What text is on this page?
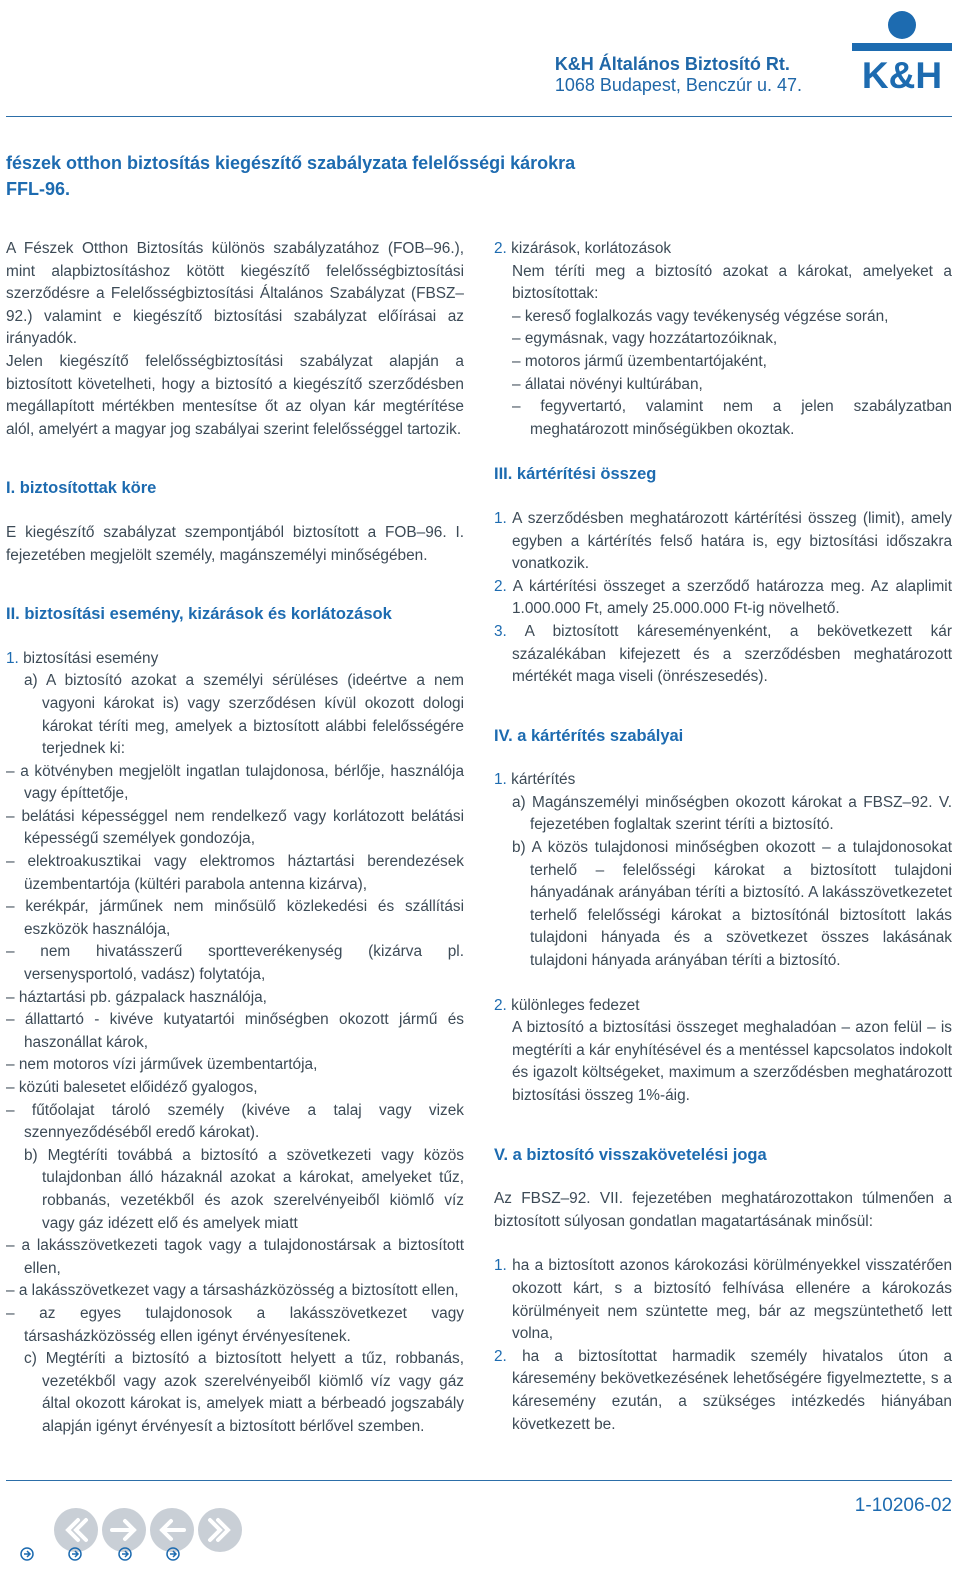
K&H Általános Biztosító Rt.
1068 Budapest, Benczúr u. 47. K&H
fészek otthon biztosítás kiegészítő szabályzata felelősségi károkra
FFL-96.

A Fészek Otthon Biztosítás különös szabályzatához (FOB–96.), mint alapbiztosításhoz kötött kiegészítő felelősségbiztosítási szerződésre a Felelősségbiztosítási Általános Szabályzat (FBSZ–92.) valamint e kiegészítő biztosítási szabályzat előírásai az irányadók.

Jelen kiegészítő felelősségbiztosítási szabályzat alapján a biztosított követelheti, hogy a biztosító a kiegészítő szerződésben megállapított mértékben mentesítse őt az olyan kár megtérítése alól, amelyért a magyar jog szabályai szerint felelősséggel tartozik.

I. biztosítottak köre

E kiegészítő szabályzat szempontjából biztosított a FOB–96. I. fejezetében megjelölt személy, magánszemélyi minőségében.

II. biztosítási esemény, kizárások és korlátozások

1. biztosítási esemény

a) A biztosító azokat a személyi sérüléses (ideértve a nem vagyoni károkat is) vagy szerződésen kívül okozott dologi károkat téríti meg, amelyek a biztosított alábbi felelősségére terjednek ki:

– a kötvényben megjelölt ingatlan tulajdonosa, bérlője, használója vagy építtetője,

– belátási képességgel nem rendelkező vagy korlátozott belátási képességű személyek gondozója,

– elektroakusztikai vagy elektromos háztartási berendezések üzembentartója (kültéri parabola antenna kizárva),

– kerékpár, járműnek nem minősülő közlekedési és szállítási eszközök használója,

– nem hivatásszerű sportteverékenység (kizárva pl. versenysportoló, vadász) folytatója,

– háztartási pb. gázpalack használója,

– állattartó - kivéve kutyatartói minőségben okozott jármű és haszonállat károk,

– nem motoros vízi járművek üzembentartója,

– közúti balesetet előidéző gyalogos,

– fűtőolajat tároló személy (kivéve a talaj vagy vizek szennyeződéséből eredő károkat).

b) Megtéríti továbbá a biztosító a szövetkezeti vagy közös tulajdonban álló házaknál azokat a károkat, amelyeket tűz, robbanás, vezetékből és azok szerelvényeiből kiömlő víz vagy gáz idézett elő és amelyek miatt

– a lakásszövetkezeti tagok vagy a tulajdonostársak a biztosított ellen,

– a lakásszövetkezet vagy a társasházközösség a biztosított ellen,

– az egyes tulajdonosok a lakásszövetkezet vagy társasházközösség ellen igényt érvényesítenek.

c) Megtéríti a biztosító a biztosított helyett a tűz, robbanás, vezetékből vagy azok szerelvényeiből kiömlő víz vagy gáz által okozott károkat is, amelyek miatt a bérbeadó jogszabály alapján igényt érvényesít a biztosított bérlővel szemben.

2. kizárások, korlátozások

Nem téríti meg a biztosító azokat a károkat, amelyeket a biztosítottak:

– kereső foglalkozás vagy tevékenység végzése során,

– egymásnak, vagy hozzátartozóiknak,

– motoros jármű üzembentartójaként,

– állatai növényi kultúrában,

– fegyvertartó, valamint nem a jelen szabályzatban meghatározott minőségükben okoztak.

III. kártérítési összeg

1. A szerződésben meghatározott kártérítési összeg (limit), amely egyben a kártérítés felső határa is, egy biztosítási időszakra vonatkozik.

2. A kártérítési összeget a szerződő határozza meg. Az alaplimit 1.000.000 Ft, amely 25.000.000 Ft-ig növelhető.

3. A biztosított káreseményenként, a bekövetkezett kár százalékában kifejezett és a szerződésben meghatározott mértékét maga viseli (önrészesedés).

IV. a kártérítés szabályai

1. kártérítés

a) Magánszemélyi minőségben okozott károkat a FBSZ–92. V. fejezetében foglaltak szerint téríti a biztosító.

b) A közös tulajdonosi minőségben okozott – a tulajdonosokat terhelő – felelősségi károkat a biztosított tulajdoni hányadának arányában téríti a biztosító. A lakásszövetkezetet terhelő felelősségi károkat a biztosítónál biztosított lakás tulajdoni hányada és a szövetkezet összes lakásának tulajdoni hányada arányában téríti a biztosító.

2. különleges fedezet

A biztosító a biztosítási összeget meghaladóan – azon felül – is megtéríti a kár enyhítésével és a mentéssel kapcsolatos indokolt és igazolt költségeket, maximum a szerződésben meghatározott biztosítási összeg 1%-áig.

V. a biztosító visszakövetelési joga

Az FBSZ–92. VII. fejezetében meghatározottakon túlmenően a biztosított súlyosan gondatlan magatartásának minősül:

1. ha a biztosított azonos károkozási körülményekkel visszatérően okozott kárt, s a biztosító felhívása ellenére a károkozás körülményeit nem szüntette meg, bár az megszüntethető lett volna,

2. ha a biztosítottat harmadik személy hivatalos úton a káresemény bekövetkezésének lehetőségére figyelmeztette, s a káresemény ezután, a szükséges intézkedés hiányában következett be.

1-10206-02
